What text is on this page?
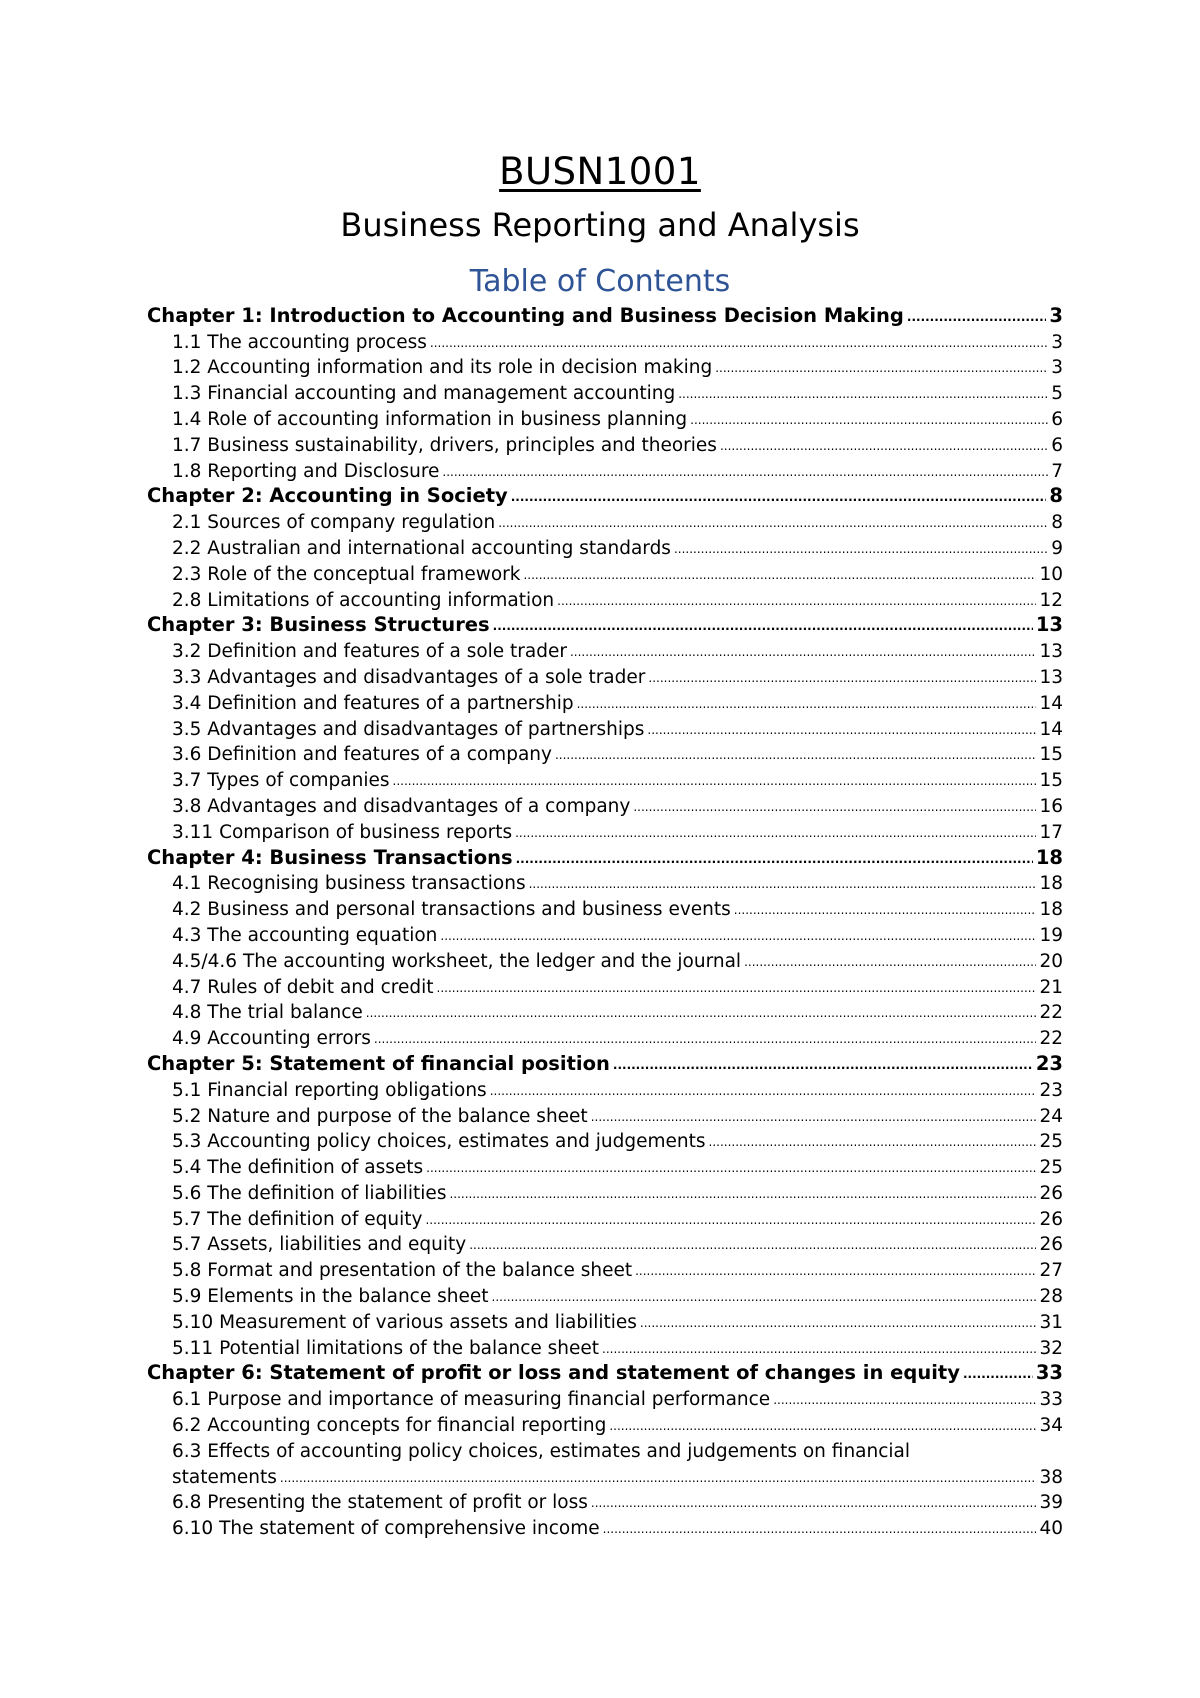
BUSN1001
Business Reporting and Analysis
Table of Contents
Chapter 1: Introduction to Accounting and Business Decision Making .....	3
1.1 The accounting process .....	3
1.2 Accounting information and its role in decision making .....	3
1.3 Financial accounting and management accounting .....	5
1.4 Role of accounting information in business planning .....	6
1.7 Business sustainability, drivers, principles and theories .....	6
1.8 Reporting and Disclosure .....	7
Chapter 2: Accounting in Society .....	8
2.1 Sources of company regulation .....	8
2.2 Australian and international accounting standards .....	9
2.3 Role of the conceptual framework .....	10
2.8 Limitations of accounting information .....	12
Chapter 3: Business Structures .....	13
3.2 Definition and features of a sole trader .....	13
3.3 Advantages and disadvantages of a sole trader .....	13
3.4 Definition and features of a partnership .....	14
3.5 Advantages and disadvantages of partnerships .....	14
3.6 Definition and features of a company .....	15
3.7 Types of companies .....	15
3.8 Advantages and disadvantages of a company .....	16
3.11 Comparison of business reports .....	17
Chapter 4: Business Transactions .....	18
4.1 Recognising business transactions .....	18
4.2 Business and personal transactions and business events .....	18
4.3 The accounting equation .....	19
4.5/4.6 The accounting worksheet, the ledger and the journal .....	20
4.7 Rules of debit and credit .....	21
4.8 The trial balance .....	22
4.9 Accounting errors .....	22
Chapter 5: Statement of financial position .....	23
5.1 Financial reporting obligations .....	23
5.2 Nature and purpose of the balance sheet .....	24
5.3 Accounting policy choices, estimates and judgements .....	25
5.4 The definition of assets .....	25
5.6 The definition of liabilities .....	26
5.7 The definition of equity .....	26
5.7 Assets, liabilities and equity .....	26
5.8 Format and presentation of the balance sheet .....	27
5.9 Elements in the balance sheet .....	28
5.10 Measurement of various assets and liabilities .....	31
5.11 Potential limitations of the balance sheet .....	32
Chapter 6: Statement of profit or loss and statement of changes in equity .....	33
6.1 Purpose and importance of measuring financial performance .....	33
6.2 Accounting concepts for financial reporting .....	34
6.3 Effects of accounting policy choices, estimates and judgements on financial
statements .....	38
6.8 Presenting the statement of profit or loss .....	39
6.10 The statement of comprehensive income .....	40
